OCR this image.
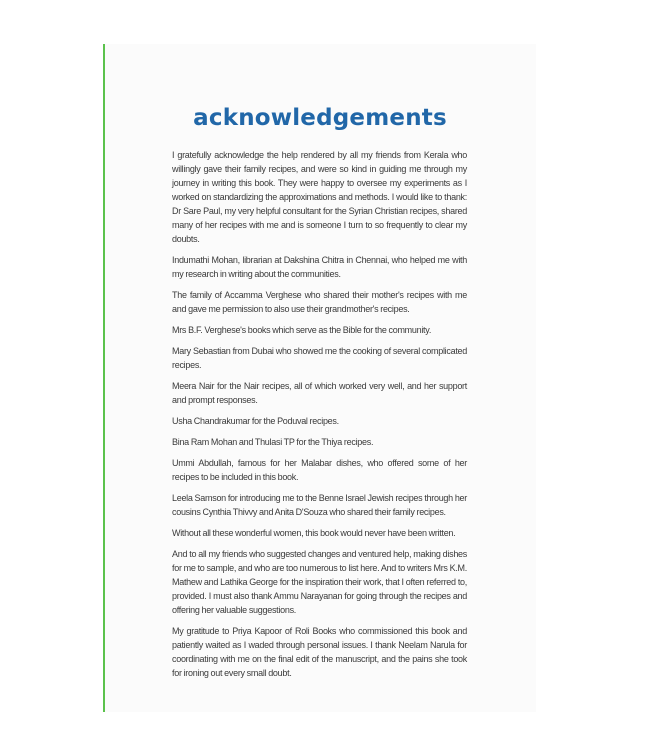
acknowledgements

I gratefully acknowledge the help rendered by all my friends from Kerala who willingly gave their family recipes, and were so kind in guiding me through my journey in writing this book. They were happy to oversee my experiments as I worked on standardizing the approximations and methods. I would like to thank: Dr Sare Paul, my very helpful consultant for the Syrian Christian recipes, shared many of her recipes with me and is someone I turn to so frequently to clear my doubts.

Indumathi Mohan, librarian at Dakshina Chitra in Chennai, who helped me with my research in writing about the communities.

The family of Accamma Verghese who shared their mother's recipes with me and gave me permission to also use their grandmother's recipes.

Mrs B.F. Verghese's books which serve as the Bible for the community.

Mary Sebastian from Dubai who showed me the cooking of several complicated recipes.

Meera Nair for the Nair recipes, all of which worked very well, and her support and prompt responses.

Usha Chandrakumar for the Poduval recipes.

Bina Ram Mohan and Thulasi TP for the Thiya recipes.

Ummi Abdullah, famous for her Malabar dishes, who offered some of her recipes to be included in this book.

Leela Samson for introducing me to the Benne Israel Jewish recipes through her cousins Cynthia Thivvy and Anita D'Souza who shared their family recipes.

Without all these wonderful women, this book would never have been written.

And to all my friends who suggested changes and ventured help, making dishes for me to sample, and who are too numerous to list here. And to writers Mrs K.M. Mathew and Lathika George for the inspiration their work, that I often referred to, provided. I must also thank Ammu Narayanan for going through the recipes and offering her valuable suggestions.

My gratitude to Priya Kapoor of Roli Books who commissioned this book and patiently waited as I waded through personal issues. I thank Neelam Narula for coordinating with me on the final edit of the manuscript, and the pains she took for ironing out every small doubt.
